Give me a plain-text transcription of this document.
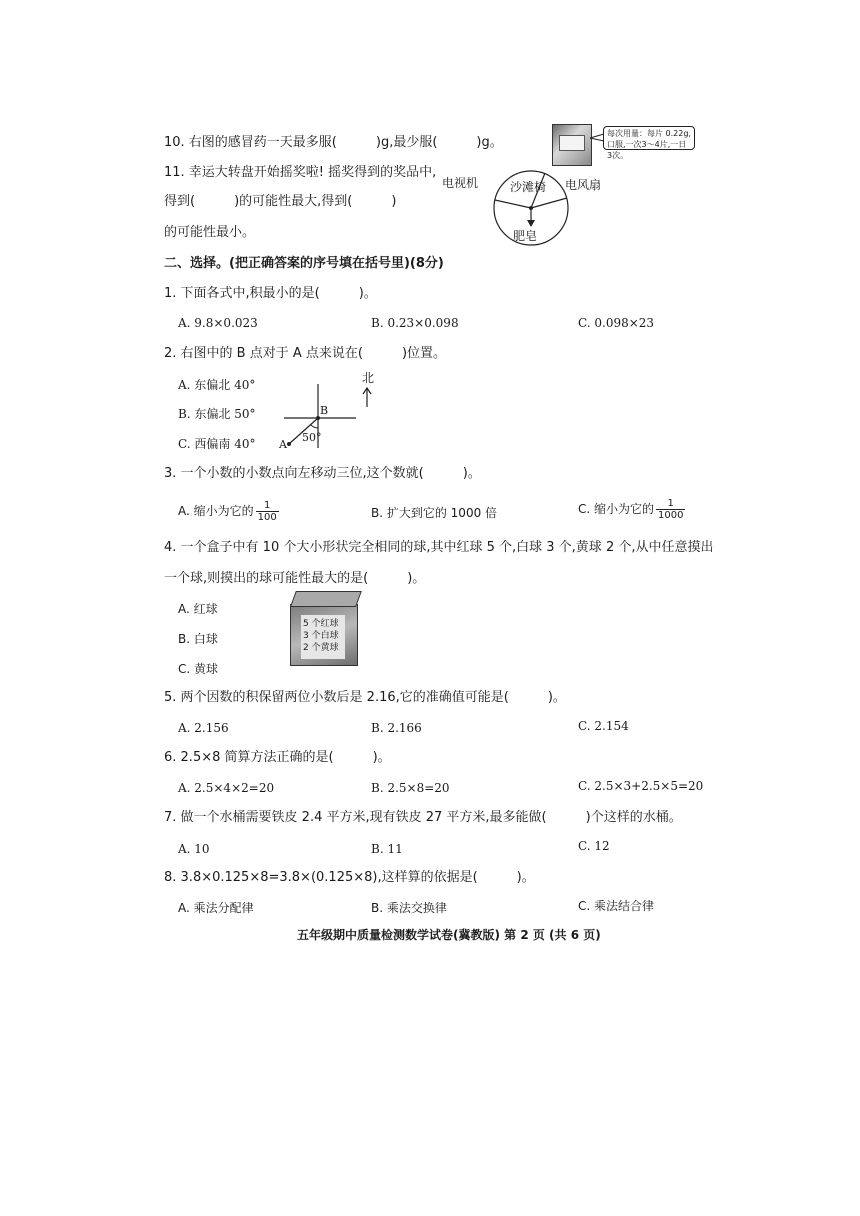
10. 右图的感冒药一天最多服(　　　)g,最少服(　　　)g。
每次用量：每片 0.22g,口服,一次3～4片,一日3次。
11. 幸运大转盘开始摇奖啦! 摇奖得到的奖品中,
得到(　　　)的可能性最大,得到(　　　)
的可能性最小。
电视机	沙滩椅 电风扇
肥皂
二、选择。(把正确答案的序号填在括号里)(8分)
1. 下面各式中,积最小的是(　　　)。
A. 9.8×0.023	B. 0.23×0.098	C. 0.098×23
2. 右图中的 B 点对于 A 点来说在(　　　)位置。
A. 东偏北 40°
B. 东偏北 50°
C. 西偏南 40°
B
A
50°
北
3. 一个小数的小数点向左移动三位,这个数就(　　　)。
A. 缩小为它的 $\frac{1}{100}$	B. 扩大到它的 1000 倍	C. 缩小为它的 $\frac{1}{1000}$
4. 一个盒子中有 10 个大小形状完全相同的球,其中红球 5 个,白球 3 个,黄球 2 个,从中任意摸出
一个球,则摸出的球可能性最大的是(　　　)。
A. 红球
B. 白球
C. 黄球
5 个红球
3 个白球
2 个黄球
5. 两个因数的积保留两位小数后是 2.16,它的准确值可能是(　　　)。
A. 2.156	B. 2.166	C. 2.154
6. 2.5×8 简算方法正确的是(　　　)。
A. 2.5×4×2=20	B. 2.5×8=20	C. 2.5×3+2.5×5=20
7. 做一个水桶需要铁皮 2.4 平方米,现有铁皮 27 平方米,最多能做(　　　)个这样的水桶。
A. 10	B. 11	C. 12
8. 3.8×0.125×8=3.8×(0.125×8),这样算的依据是(　　　)。
A. 乘法分配律	B. 乘法交换律	C. 乘法结合律
五年级期中质量检测数学试卷(冀教版) 第 2 页 (共 6 页)
